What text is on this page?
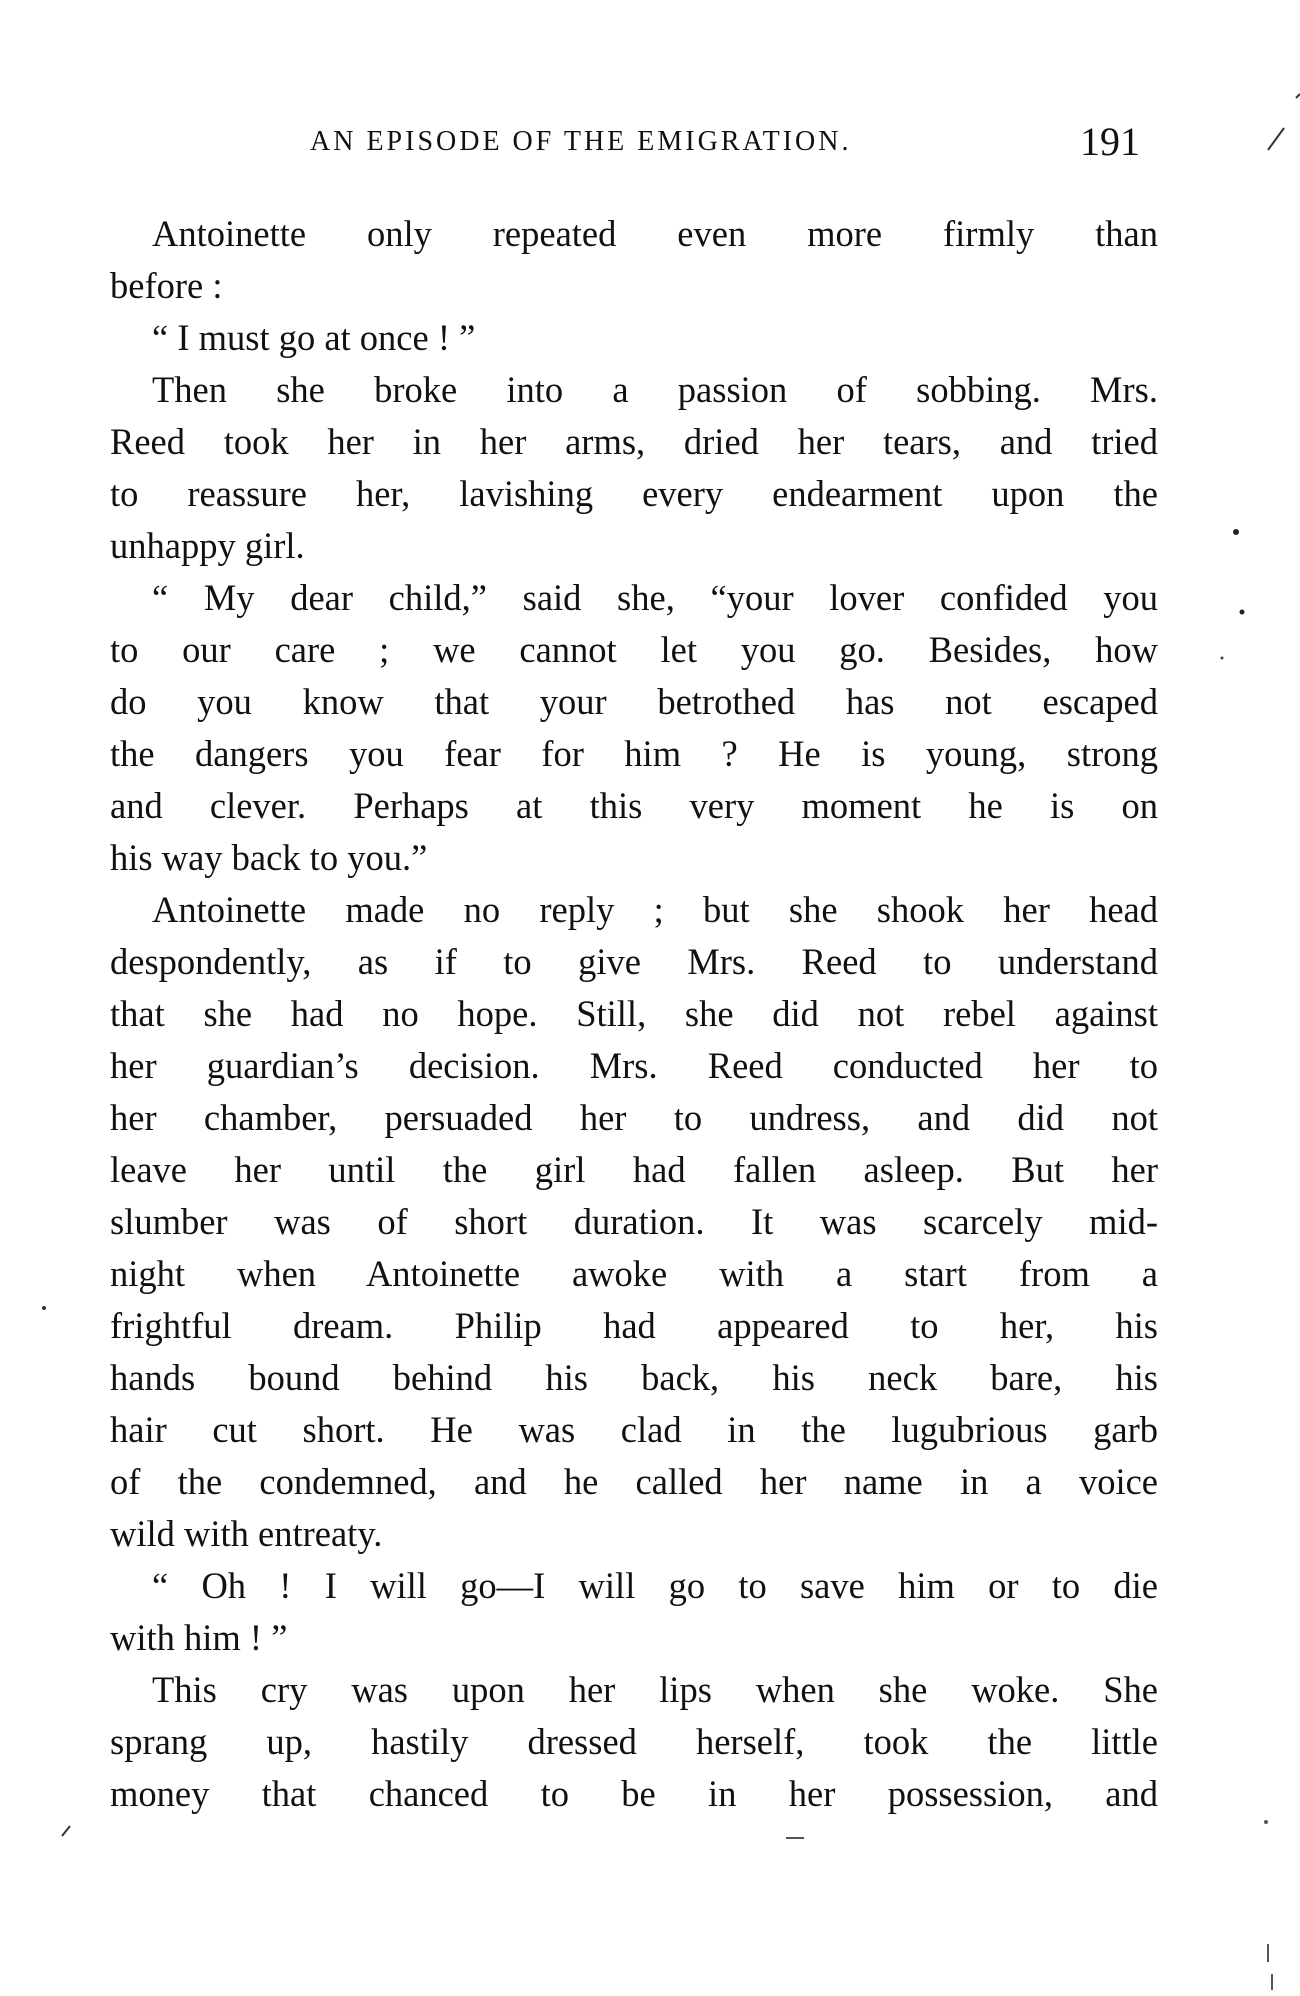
AN EPISODE OF THE EMIGRATION.	191
Antoinette only repeated even more firmly than
before :
“ I must go at once ! ”
Then she broke into a passion of sobbing. Mrs.
Reed took her in her arms, dried her tears, and tried
to reassure her, lavishing every endearment upon the
unhappy girl.
“ My dear child,” said she, “your lover confided you
to our care ; we cannot let you go. Besides, how
do you know that your betrothed has not escaped
the dangers you fear for him ? He is young, strong
and clever. Perhaps at this very moment he is on
his way back to you.”
Antoinette made no reply ; but she shook her head
despondently, as if to give Mrs. Reed to understand
that she had no hope. Still, she did not rebel against
her guardian’s decision. Mrs. Reed conducted her to
her chamber, persuaded her to undress, and did not
leave her until the girl had fallen asleep. But her
slumber was of short duration. It was scarcely mid-
night when Antoinette awoke with a start from a
frightful dream. Philip had appeared to her, his
hands bound behind his back, his neck bare, his
hair cut short. He was clad in the lugubrious garb
of the condemned, and he called her name in a voice
wild with entreaty.
“ Oh ! I will go—I will go to save him or to die
with him ! ”
This cry was upon her lips when she woke. She
sprang up, hastily dressed herself, took the little
money that chanced to be in her possession, and
